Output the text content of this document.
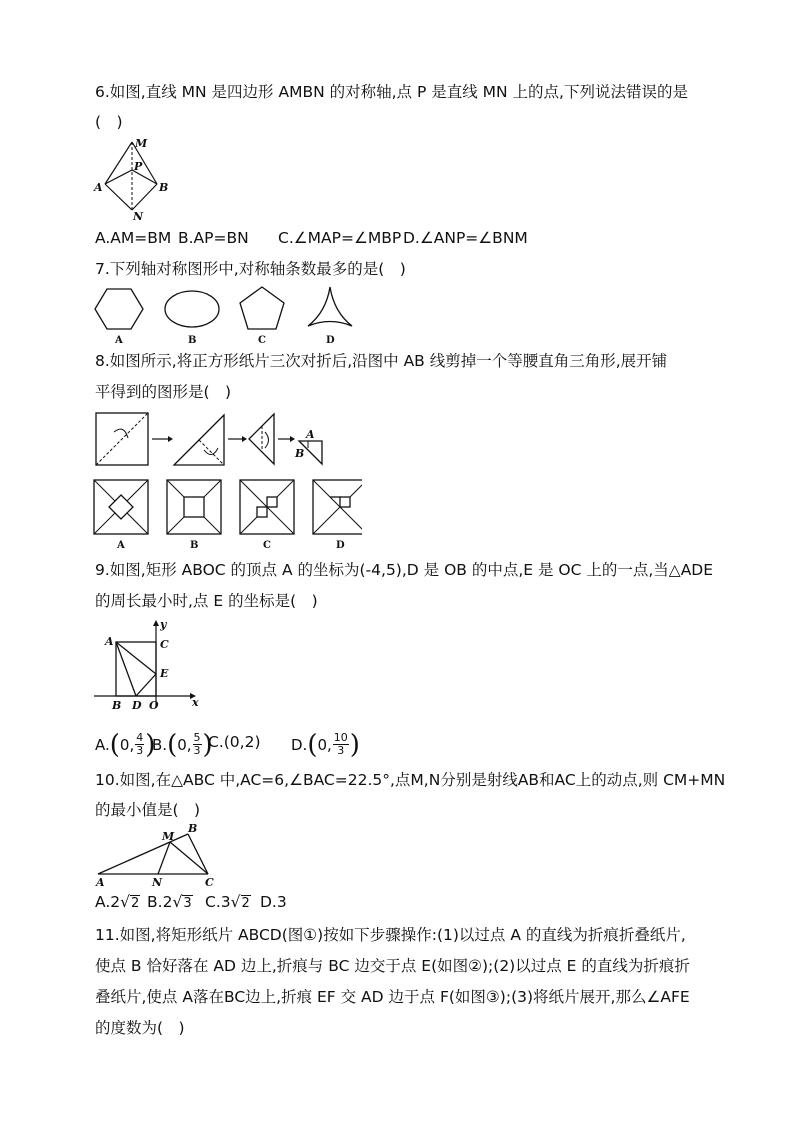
6.如图,直线 MN 是四边形 AMBN 的对称轴,点 P 是直线 MN 上的点,下列说法错误的是
(　)
M
P
A	B
N
A.AM=BM B.AP=BN C.∠MAP=∠MBP D.∠ANP=∠BNM
7.下列轴对称图形中,对称轴条数最多的是(　)
A	B	C	D
8.如图所示,将正方形纸片三次对折后,沿图中 AB 线剪掉一个等腰直角三角形,展开铺
平得到的图形是(　)
A
B
A	B	C	D
9.如图,矩形 ABOC 的顶点 A 的坐标为(-4,5),D 是 OB 的中点,E 是 OC 上的一点,当△ADE
的周长最小时,点 E 的坐标是(　)
y
x
A	C
E
B D O
A. ( 0, $\frac{4}{3}$ )
B. ( 0, $\frac{5}{3}$ )
C.(0,2) D. ( 0, $\frac{10}{3}$ )
10.如图,在△ABC 中,AC=6,∠BAC=22.5°,点M,N分别是射线AB和AC上的动点,则 CM+MN
的最小值是(　)
M
B
A	N	C
A.2√2 B.2√3 C.3√2 D.3
11.如图,将矩形纸片 ABCD(图①)按如下步骤操作:(1)以过点 A 的直线为折痕折叠纸片,
使点 B 恰好落在 AD 边上,折痕与 BC 边交于点 E(如图②);(2)以过点 E 的直线为折痕折
叠纸片,使点 A落在BC边上,折痕 EF 交 AD 边于点 F(如图③);(3)将纸片展开,那么∠AFE
的度数为(　)
